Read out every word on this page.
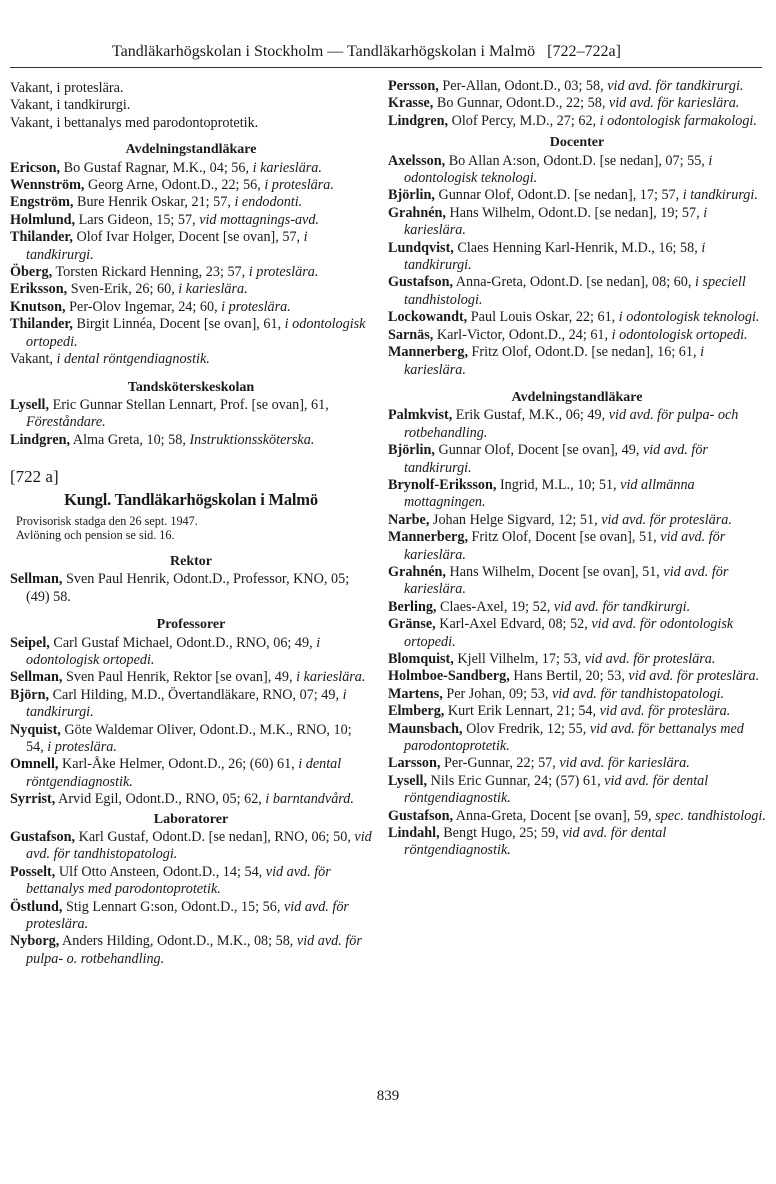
Tandläkarhögskolan i Stockholm — Tandläkarhögskolan i Malmö [722–722a]

Vakant, i proteslära.

Vakant, i tandkirurgi.

Vakant, i bettanalys med parodontoprotetik.

Avdelningstandläkare

Ericson, Bo Gustaf Ragnar, M.K., 04; 56, i kariеslära.

Wennström, Georg Arne, Odont.D., 22; 56, i proteslära.

Engström, Bure Henrik Oskar, 21; 57, i endodonti.

Holmlund, Lars Gideon, 15; 57, vid mottagnings-avd.

Thilander, Olof Ivar Holger, Docent [se ovan], 57, i tandkirurgi.

Öberg, Torsten Rickard Henning, 23; 57, i proteslära.

Eriksson, Sven-Erik, 26; 60, i kariеslära.

Knutson, Per-Olov Ingemar, 24; 60, i proteslära.

Thilander, Birgit Linnéa, Docent [se ovan], 61, i odontologisk ortopedi.

Vakant, i dental röntgendiagnostik.

Tandsköterskeskolan

Lysell, Eric Gunnar Stellan Lennart, Prof. [se ovan], 61, Föreståndare.

Lindgren, Alma Greta, 10; 58, Instruktionssköterska.

[722 a]
Kungl. Tandläkarhögskolan i Malmö

Provisorisk stadga den 26 sept. 1947.

Avlöning och pension se sid. 16.

Rektor

Sellman, Sven Paul Henrik, Odont.D., Professor, KNO, 05; (49) 58.

Professorer

Seipel, Carl Gustaf Michael, Odont.D., RNO, 06; 49, i odontologisk ortopedi.

Sellman, Sven Paul Henrik, Rektor [se ovan], 49, i kariеslära.

Björn, Carl Hilding, M.D., Övertandläkare, RNO, 07; 49, i tandkirurgi.

Nyquist, Göte Waldemar Oliver, Odont.D., M.K., RNO, 10; 54, i proteslära.

Omnell, Karl-Åke Helmer, Odont.D., 26; (60) 61, i dental röntgendiagnostik.

Syrrist, Arvid Egil, Odont.D., RNO, 05; 62, i barntandvård.

Laboratorer

Gustafson, Karl Gustaf, Odont.D. [se nedan], RNO, 06; 50, vid avd. för tandhistopatologi.

Posselt, Ulf Otto Ansteen, Odont.D., 14; 54, vid avd. för bettanalys med parodontoprotetik.

Östlund, Stig Lennart G:son, Odont.D., 15; 56, vid avd. för proteslära.

Nyborg, Anders Hilding, Odont.D., M.K., 08; 58, vid avd. för pulpa- o. rotbehandling.

Persson, Per-Allan, Odont.D., 03; 58, vid avd. för tandkirurgi.

Krasse, Bo Gunnar, Odont.D., 22; 58, vid avd. för kariеslära.

Lindgren, Olof Percy, M.D., 27; 62, i odontologisk farmakologi.

Docenter

Axelsson, Bo Allan A:son, Odont.D. [se nedan], 07; 55, i odontologisk teknologi.

Björlin, Gunnar Olof, Odont.D. [se nedan], 17; 57, i tandkirurgi.

Grahnén, Hans Wilhelm, Odont.D. [se nedan], 19; 57, i kariеslära.

Lundqvist, Claes Henning Karl-Henrik, M.D., 16; 58, i tandkirurgi.

Gustafson, Anna-Greta, Odont.D. [se nedan], 08; 60, i speciell tandhistologi.

Lockowandt, Paul Louis Oskar, 22; 61, i odontologisk teknologi.

Sarnäs, Karl-Victor, Odont.D., 24; 61, i odontologisk ortopedi.

Mannerberg, Fritz Olof, Odont.D. [se nedan], 16; 61, i kariеslära.

Avdelningstandläkare

Palmkvist, Erik Gustaf, M.K., 06; 49, vid avd. för pulpa- och rotbehandling.

Björlin, Gunnar Olof, Docent [se ovan], 49, vid avd. för tandkirurgi.

Brynolf-Eriksson, Ingrid, M.L., 10; 51, vid allmänna mottagningen.

Narbe, Johan Helge Sigvard, 12; 51, vid avd. för proteslära.

Mannerberg, Fritz Olof, Docent [se ovan], 51, vid avd. för kariеslära.

Grahnén, Hans Wilhelm, Docent [se ovan], 51, vid avd. för kariеslära.

Berling, Claes-Axel, 19; 52, vid avd. för tandkirurgi.

Gränse, Karl-Axel Edvard, 08; 52, vid avd. för odontologisk ortopedi.

Blomquist, Kjell Vilhelm, 17; 53, vid avd. för proteslära.

Holmboe-Sandberg, Hans Bertil, 20; 53, vid avd. för proteslära.

Martens, Per Johan, 09; 53, vid avd. för tandhistopatologi.

Elmberg, Kurt Erik Lennart, 21; 54, vid avd. för proteslära.

Maunsbach, Olov Fredrik, 12; 55, vid avd. för bettanalys med parodontoprotetik.

Larsson, Per-Gunnar, 22; 57, vid avd. för kariеslära.

Lysell, Nils Eric Gunnar, 24; (57) 61, vid avd. för dental röntgendiagnostik.

Gustafson, Anna-Greta, Docent [se ovan], 59, spec. tandhistologi.

Lindahl, Bengt Hugo, 25; 59, vid avd. för dental röntgendiagnostik.

839
